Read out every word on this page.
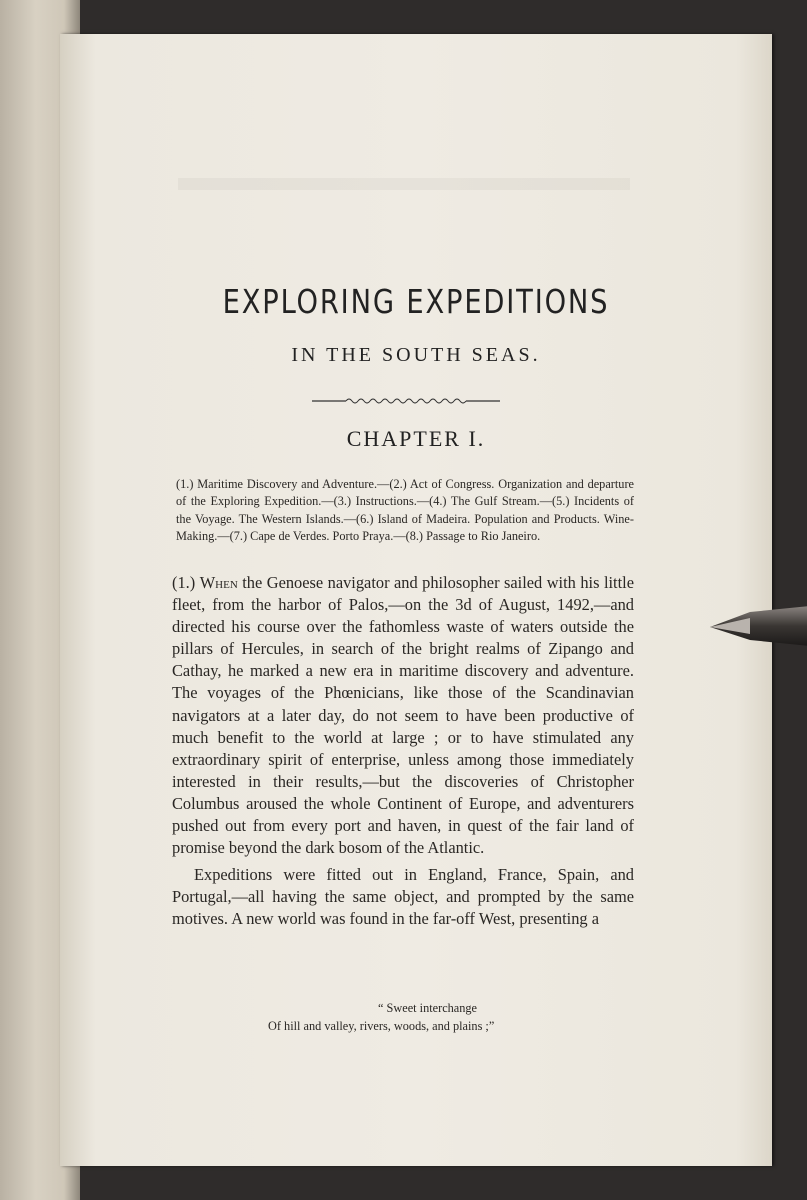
EXPLORING EXPEDITIONS
IN THE SOUTH SEAS.
CHAPTER I.
(1.) Maritime Discovery and Adventure.—(2.) Act of Congress. Organization and departure of the Exploring Expedition.—(3.) Instructions.—(4.) The Gulf Stream.—(5.) Incidents of the Voyage. The Western Islands.—(6.) Island of Madeira. Population and Products. Wine-Making.—(7.) Cape de Verdes. Porto Praya.—(8.) Passage to Rio Janeiro.

(1.) When the Genoese navigator and philosopher sailed with his little fleet, from the harbor of Palos,—on the 3d of August, 1492,—and directed his course over the fathomless waste of waters outside the pillars of Hercules, in search of the bright realms of Zipango and Cathay, he marked a new era in maritime discovery and adventure. The voyages of the Phœnicians, like those of the Scandinavian navigators at a later day, do not seem to have been productive of much benefit to the world at large ; or to have stimulated any extraordinary spirit of enterprise, unless among those immediately interested in their results,—but the discoveries of Christopher Columbus aroused the whole Continent of Europe, and adventurers pushed out from every port and haven, in quest of the fair land of promise beyond the dark bosom of the Atlantic.

Expeditions were fitted out in England, France, Spain, and Portugal,—all having the same object, and prompted by the same motives. A new world was found in the far-off West, presenting a

“ Sweet interchange
Of hill and valley, rivers, woods, and plains ;”
